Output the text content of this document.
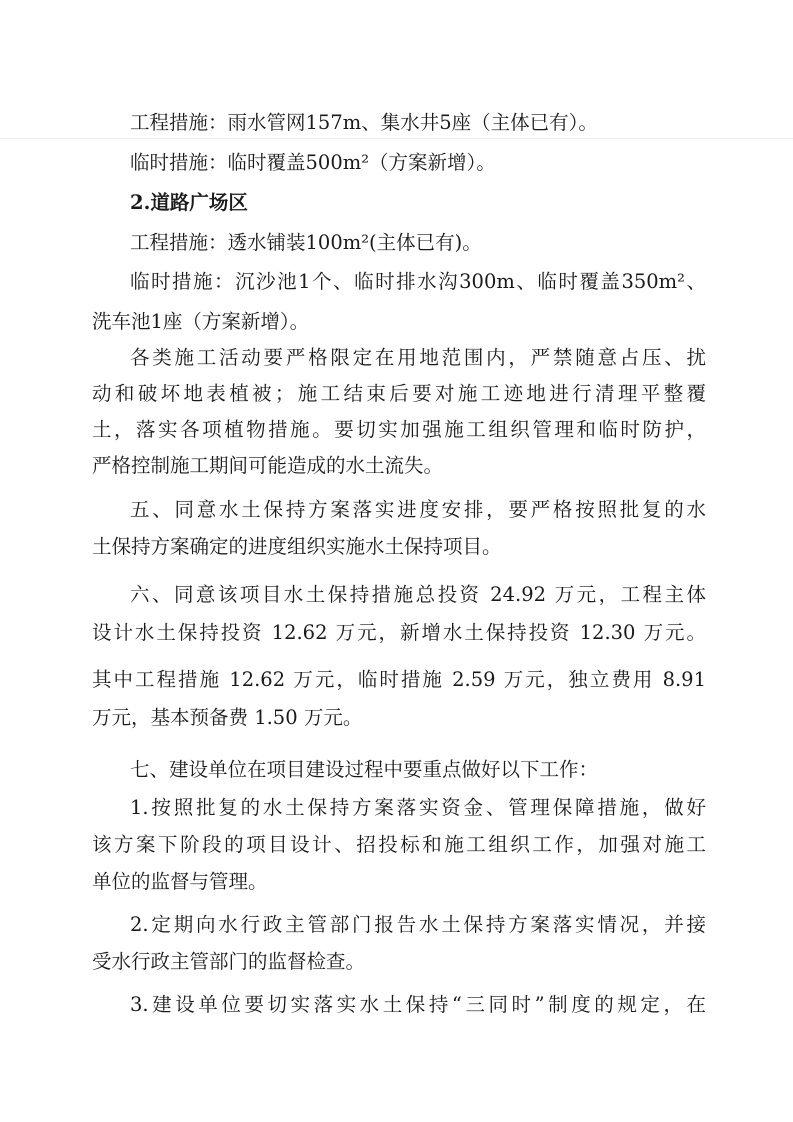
工程措施：雨水管网157m、集水井5座（主体已有）。
临时措施：临时覆盖500m²（方案新增）。
2.道路广场区
工程措施：透水铺装100m²(主体已有)。
临时措施：沉沙池1个、临时排水沟300m、临时覆盖350m²、
洗车池1座（方案新增）。
各类施工活动要严格限定在用地范围内，严禁随意占压、扰
动和破坏地表植被；施工结束后要对施工迹地进行清理平整覆
土，落实各项植物措施。要切实加强施工组织管理和临时防护，
严格控制施工期间可能造成的水土流失。
五、同意水土保持方案落实进度安排，要严格按照批复的水
土保持方案确定的进度组织实施水土保持项目。
六、同意该项目水土保持措施总投资 24.92 万元，工程主体
设计水土保持投资 12.62 万元，新增水土保持投资 12.30 万元。
其中工程措施 12.62 万元，临时措施 2.59 万元，独立费用 8.91
万元，基本预备费 1.50 万元。
七、建设单位在项目建设过程中要重点做好以下工作：
1.按照批复的水土保持方案落实资金、管理保障措施，做好
该方案下阶段的项目设计、招投标和施工组织工作，加强对施工
单位的监督与管理。
2.定期向水行政主管部门报告水土保持方案落实情况，并接
受水行政主管部门的监督检查。
3.建设单位要切实落实水土保持“三同时”制度的规定，在
